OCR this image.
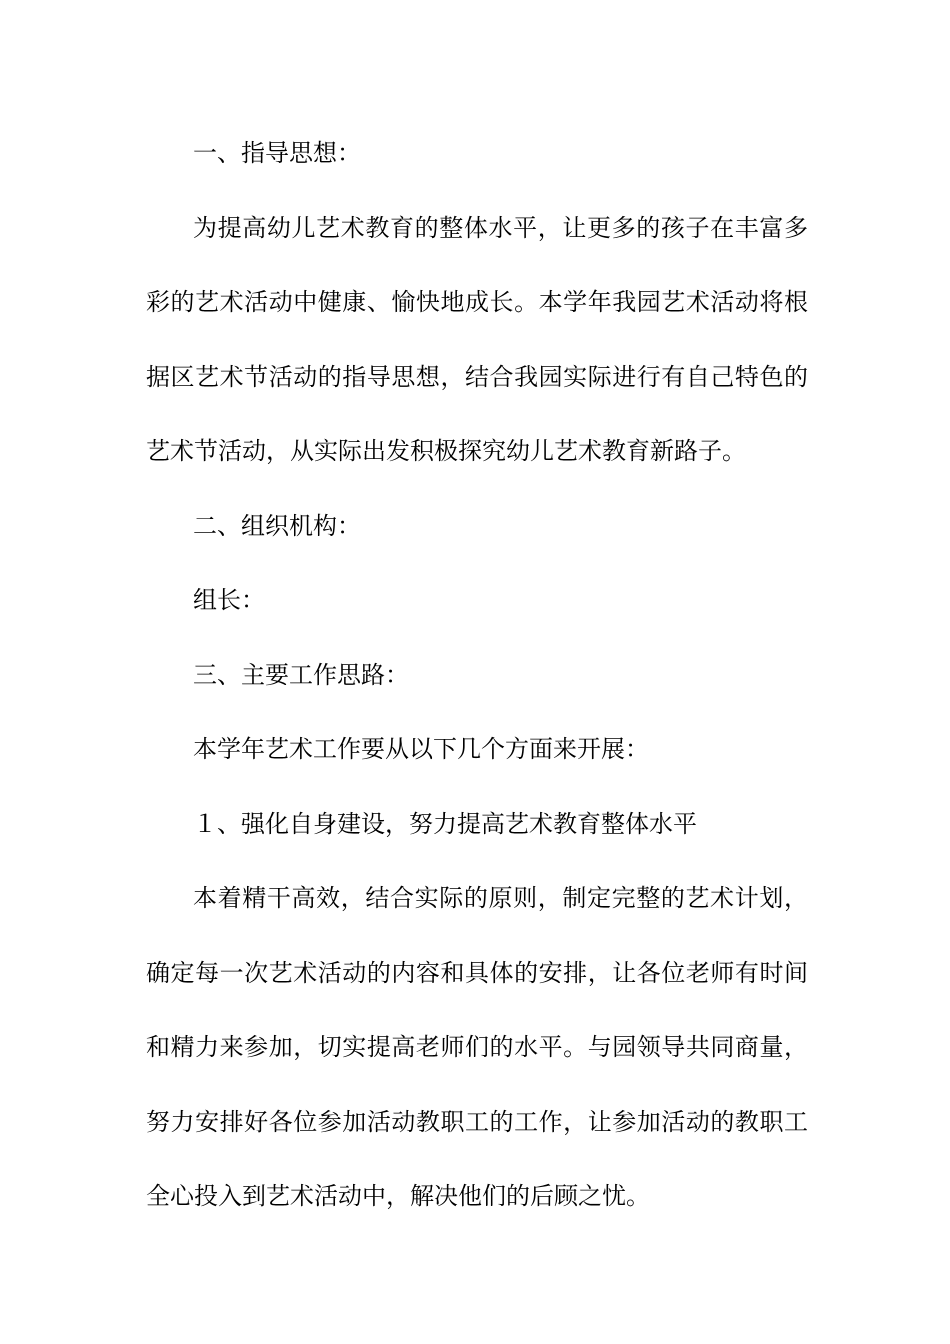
一、指导思想：

为提高幼儿艺术教育的整体水平，让更多的孩子在丰富多彩的艺术活动中健康、愉快地成长。本学年我园艺术活动将根据区艺术节活动的指导思想，结合我园实际进行有自己特色的艺术节活动，从实际出发积极探究幼儿艺术教育新路子。

二、组织机构：

组长：

三、主要工作思路：

本学年艺术工作要从以下几个方面来开展：

１、强化自身建设，努力提高艺术教育整体水平

本着精干高效，结合实际的原则，制定完整的艺术计划，确定每一次艺术活动的内容和具体的安排，让各位老师有时间和精力来参加，切实提高老师们的水平。与园领导共同商量，努力安排好各位参加活动教职工的工作，让参加活动的教职工全心投入到艺术活动中，解决他们的后顾之忧。
